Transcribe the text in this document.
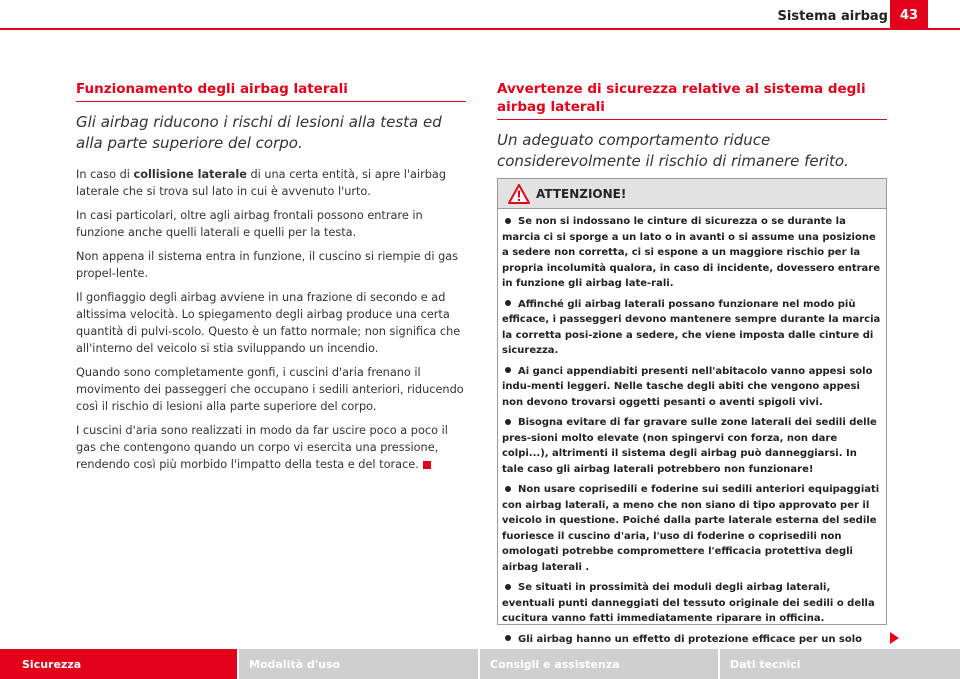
Sistema airbag 43
Funzionamento degli airbag laterali
Gli airbag riducono i rischi di lesioni alla testa ed alla parte superiore del corpo.

In caso di collisione laterale di una certa entità, si apre l'airbag laterale che si trova sul lato in cui è avvenuto l'urto.

In casi particolari, oltre agli airbag frontali possono entrare in funzione anche quelli laterali e quelli per la testa.

Non appena il sistema entra in funzione, il cuscino si riempie di gas propel-lente.

Il gonfiaggio degli airbag avviene in una frazione di secondo e ad altissima velocità. Lo spiegamento degli airbag produce una certa quantità di pulvi-scolo. Questo è un fatto normale; non significa che all'interno del veicolo si stia sviluppando un incendio.

Quando sono completamente gonfi, i cuscini d'aria frenano il movimento dei passeggeri che occupano i sedili anteriori, riducendo così il rischio di lesioni alla parte superiore del corpo.

I cuscini d'aria sono realizzati in modo da far uscire poco a poco il gas che contengono quando un corpo vi esercita una pressione, rendendo così più morbido l'impatto della testa e del torace.

Avvertenze di sicurezza relative al sistema degli airbag laterali
Un adeguato comportamento riduce considerevolmente il rischio di rimanere ferito.
ATTENZIONE!

Se non si indossano le cinture di sicurezza o se durante la marcia ci si sporge a un lato o in avanti o si assume una posizione a sedere non corretta, ci si espone a un maggiore rischio per la propria incolumità qualora, in caso di incidente, dovessero entrare in funzione gli airbag late-rali.

Affinché gli airbag laterali possano funzionare nel modo più efficace, i passeggeri devono mantenere sempre durante la marcia la corretta posi-zione a sedere, che viene imposta dalle cinture di sicurezza.

Ai ganci appendiabiti presenti nell'abitacolo vanno appesi solo indu-menti leggeri. Nelle tasche degli abiti che vengono appesi non devono trovarsi oggetti pesanti o aventi spigoli vivi.

Bisogna evitare di far gravare sulle zone laterali dei sedili delle pres-sioni molto elevate (non spingervi con forza, non dare colpi...), altrimenti il sistema degli airbag può danneggiarsi. In tale caso gli airbag laterali potrebbero non funzionare!

Non usare coprisedili e foderine sui sedili anteriori equipaggiati con airbag laterali, a meno che non siano di tipo approvato per il veicolo in questione. Poiché dalla parte laterale esterna del sedile fuoriesce il cuscino d'aria, l'uso di foderine o coprisedili non omologati potrebbe compromettere l'efficacia protettiva degli airbag laterali .

Se situati in prossimità dei moduli degli airbag laterali, eventuali punti danneggiati del tessuto originale dei sedili o della cucitura vanno fatti immediatamente riparare in officina.

Gli airbag hanno un effetto di protezione efficace per un solo

Sicurezza	Modalità d'uso	Consigli e assistenza	Dati tecnici
